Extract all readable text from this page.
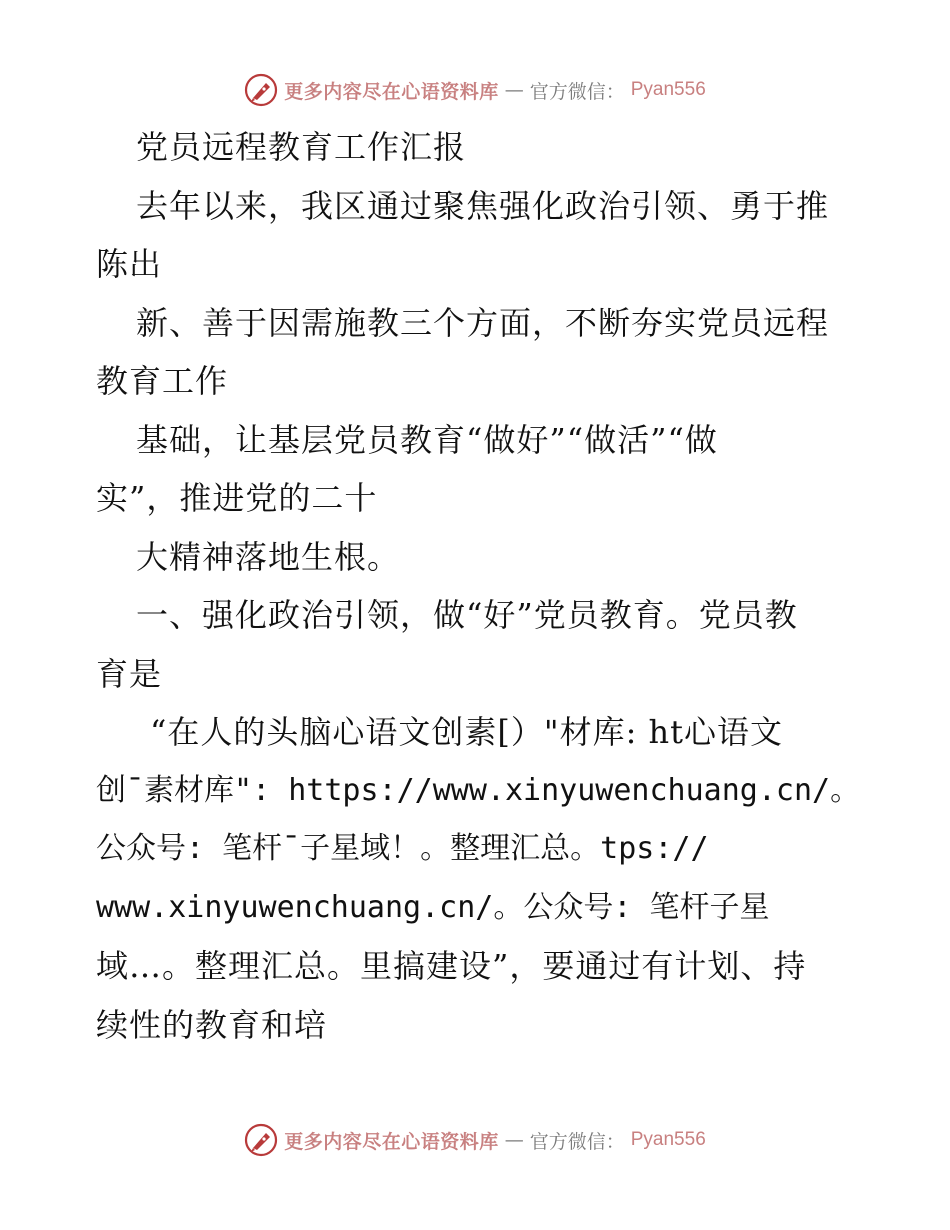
更多内容尽在心语资料库 — 官方微信： Pyan556
党员远程教育工作汇报
去年以来，我区通过聚焦强化政治引领、勇于推
陈出
新、善于因需施教三个方面，不断夯实党员远程
教育工作
基础，让基层党员教育“做好”“做活”“做
实”，推进党的二十
大精神落地生根。
一、强化政治引领，做“好”党员教育。党员教
育是
“在人的头脑心语文创素[）"材库: ht心语文
创¯素材库": https://www.xinyuwenchuang.cn/。
公众号: 笔杆¯子星域！。整理汇总。tps://
www.xinyuwenchuang.cn/。公众号: 笔杆子星
域…。整理汇总。里搞建设”，要通过有计划、持
续性的教育和培
更多内容尽在心语资料库 — 官方微信： Pyan556
